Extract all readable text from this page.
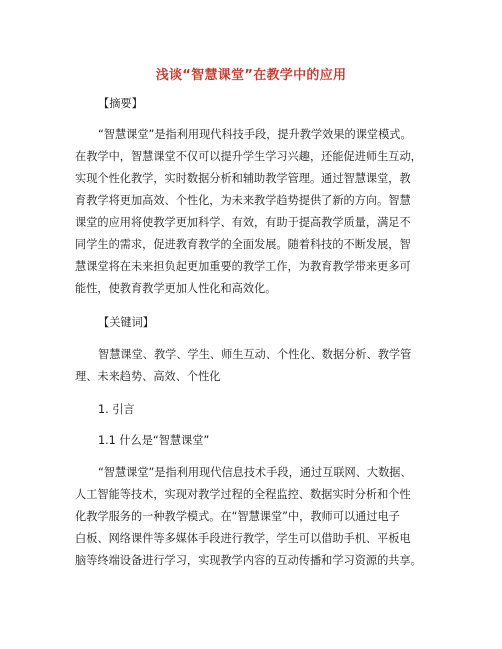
浅谈“智慧课堂”在教学中的应用
【摘要】
“智慧课堂”是指利用现代科技手段，提升教学效果的课堂模式。
在教学中，智慧课堂不仅可以提升学生学习兴趣，还能促进师生互动，
实现个性化教学，实时数据分析和辅助教学管理。通过智慧课堂，教
育教学将更加高效、个性化，为未来教学趋势提供了新的方向。智慧
课堂的应用将使教学更加科学、有效，有助于提高教学质量，满足不
同学生的需求，促进教育教学的全面发展。随着科技的不断发展，智
慧课堂将在未来担负起更加重要的教学工作，为教育教学带来更多可
能性，使教育教学更加人性化和高效化。
【关键词】
智慧课堂、教学、学生、师生互动、个性化、数据分析、教学管
理、未来趋势、高效、个性化
1. 引言
1.1 什么是“智慧课堂”
“智慧课堂”是指利用现代信息技术手段，通过互联网、大数据、
人工智能等技术，实现对教学过程的全程监控、数据实时分析和个性
化教学服务的一种教学模式。在“智慧课堂”中，教师可以通过电子
白板、网络课件等多媒体手段进行教学，学生可以借助手机、平板电
脑等终端设备进行学习，实现教学内容的互动传播和学习资源的共享。
